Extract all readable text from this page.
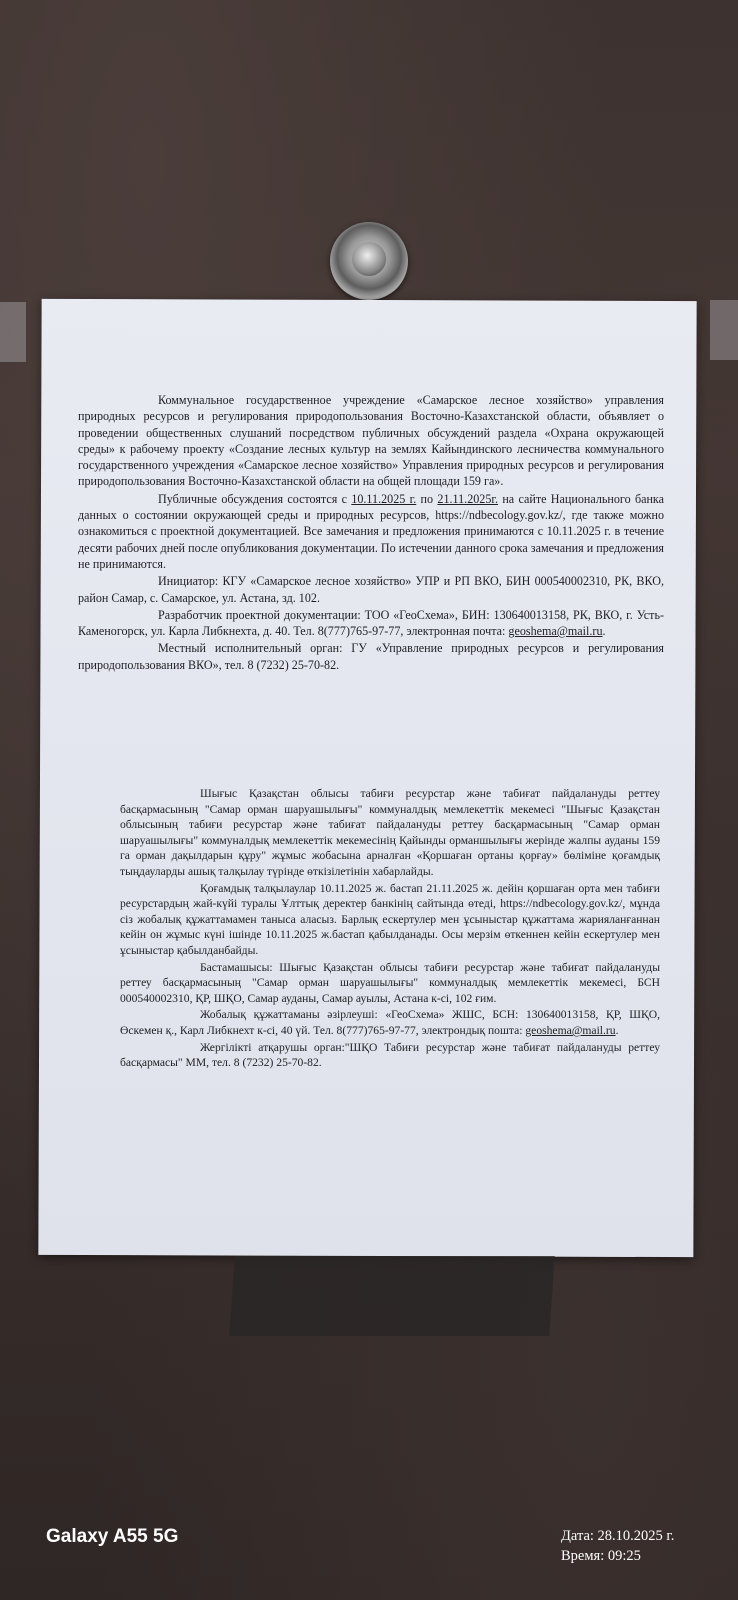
Коммунальное государственное учреждение «Самарское лесное хозяйство» управления природных ресурсов и регулирования природопользования Восточно-Казахстанской области, объявляет о проведении общественных слушаний посредством публичных обсуждений раздела «Охрана окружающей среды» к рабочему проекту «Создание лесных культур на землях Кайындинского лесничества коммунального государственного учреждения «Самарское лесное хозяйство» Управления природных ресурсов и регулирования природопользования Восточно-Казахстанской области на общей площади 159 га».

Публичные обсуждения состоятся с 10.11.2025 г. по 21.11.2025г. на сайте Национального банка данных о состоянии окружающей среды и природных ресурсов, https://ndbecology.gov.kz/, где также можно ознакомиться с проектной документацией. Все замечания и предложения принимаются с 10.11.2025 г. в течение десяти рабочих дней после опубликования документации. По истечении данного срока замечания и предложения не принимаются.

Инициатор: КГУ «Самарское лесное хозяйство» УПР и РП ВКО, БИН 000540002310, РК, ВКО, район Самар, с. Самарское, ул. Астана, зд. 102.

Разработчик проектной документации: ТОО «ГеоСхема», БИН: 130640013158, РК, ВКО, г. Усть-Каменогорск, ул. Карла Либкнехта, д. 40. Тел. 8(777)765-97-77, электронная почта: geoshema@mail.ru.

Местный исполнительный орган: ГУ «Управление природных ресурсов и регулирования природопользования ВКО», тел. 8 (7232) 25-70-82.

Шығыс Қазақстан облысы табиғи ресурстар және табиғат пайдалануды реттеу басқармасының "Самар орман шаруашылығы" коммуналдық мемлекеттік мекемесі "Шығыс Қазақстан облысының табиғи ресурстар және табиғат пайдалануды реттеу басқармасының "Самар орман шаруашылығы" коммуналдық мемлекеттік мекемесінің Қайынды орманшылығы жерінде жалпы ауданы 159 га орман дақылдарын құру" жұмыс жобасына арналған «Қоршаған ортаны қорғау» бөліміне қоғамдық тыңдауларды ашық талқылау түрінде өткізілетінін хабарлайды.

Қоғамдық талқылаулар 10.11.2025 ж. бастап 21.11.2025 ж. дейін қоршаған орта мен табиғи ресурстардың жай-күйі туралы Ұлттық деректер банкінің сайтында өтеді, https://ndbecology.gov.kz/, мұнда сіз жобалық құжаттамамен таныса аласыз. Барлық ескертулер мен ұсыныстар құжаттама жарияланғаннан кейін он жұмыс күні ішінде 10.11.2025 ж.бастап қабылданады. Осы мерзім өткеннен кейін ескертулер мен ұсыныстар қабылданбайды.

Бастамашысы: Шығыс Қазақстан облысы табиғи ресурстар және табиғат пайдалануды реттеу басқармасының "Самар орман шаруашылығы" коммуналдық мемлекеттік мекемесі, БСН 000540002310, ҚР, ШҚО, Самар ауданы, Самар ауылы, Астана к-сі, 102 ғим.

Жобалық құжаттаманы әзірлеуші: «ГеоСхема» ЖШС, БСН: 130640013158, ҚР, ШҚО, Өскемен қ., Карл Либкнехт к-сі, 40 үй. Тел. 8(777)765-97-77, электрондық пошта: geoshema@mail.ru.

Жергілікті атқарушы орган:"ШҚО Табиғи ресурстар және табиғат пайдалануды реттеу басқармасы" ММ, тел. 8 (7232) 25-70-82.

Galaxy A55 5G	Дата: 28.10.2025 г.
Время: 09:25
